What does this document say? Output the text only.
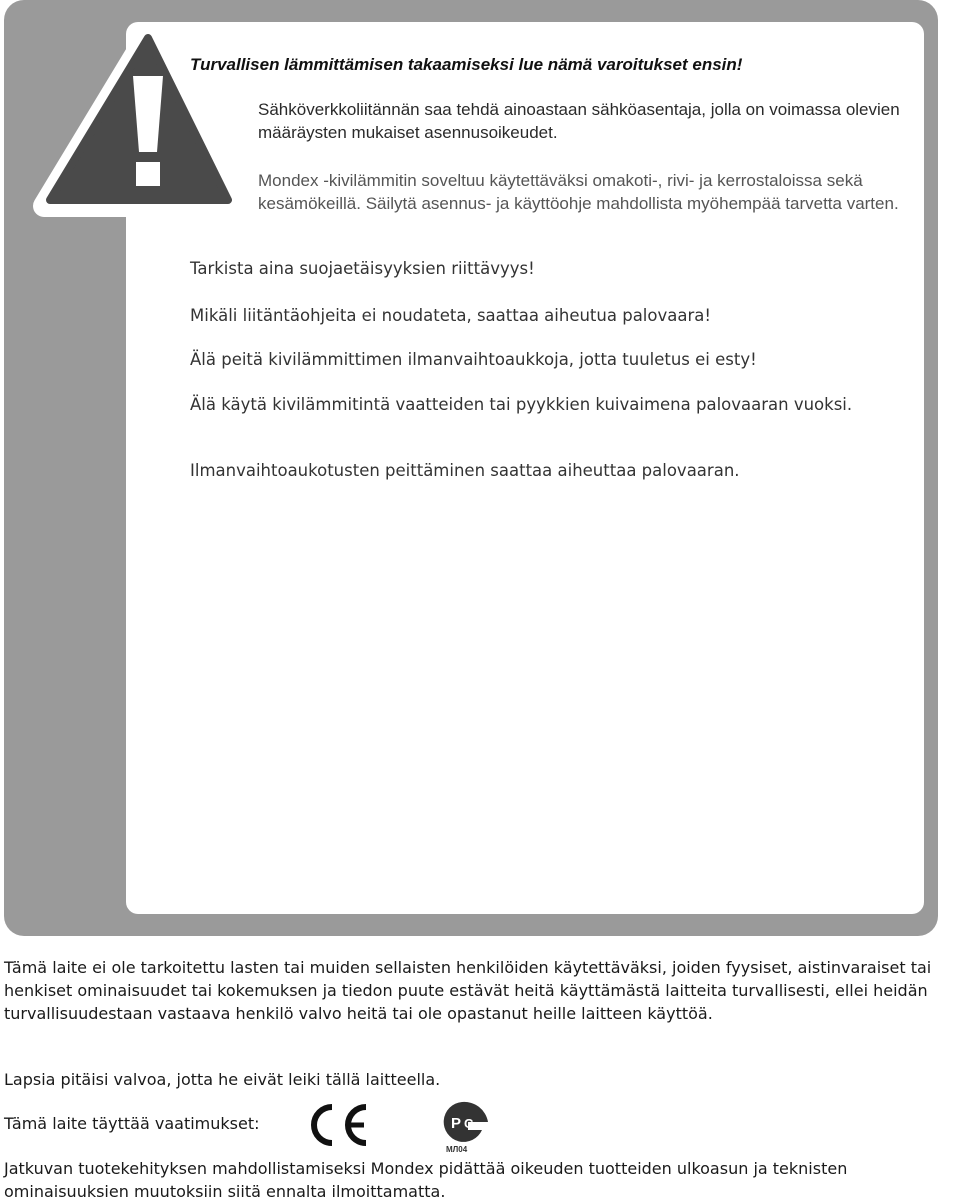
Turvallisen lämmittämisen takaamiseksi lue nämä varoitukset ensin!

Sähköverkkoliitännän saa tehdä ainoastaan sähköasentaja, jolla on voimassa olevien määräysten mukaiset asennusoikeudet.

Mondex -kivilämmitin soveltuu käytettäväksi omakoti-, rivi- ja kerrostaloissa sekä kesämökeillä. Säilytä asennus- ja käyttöohje mahdollista myöhempää tarvetta varten.

Tarkista aina suojaetäisyyksien riittävyys!

Mikäli liitäntäohjeita ei noudateta, saattaa aiheutua palovaara!

Älä peitä kivilämmittimen ilmanvaihtoaukkoja, jotta tuuletus ei esty!

Älä käytä kivilämmitintä vaatteiden tai pyykkien kuivaimena palovaaran vuoksi.

Ilmanvaihtoaukotusten peittäminen saattaa aiheuttaa palovaaran.

Tämä laite ei ole tarkoitettu lasten tai muiden sellaisten henkilöiden käytettäväksi, joiden fyysiset, aistinvaraiset tai henkiset ominaisuudet tai kokemuksen ja tiedon puute estävät heitä käyttämästä laitteita turvallisesti, ellei heidän turvallisuudestaan vastaava henkilö valvo heitä tai ole opastanut heille laitteen käyttöä.

Lapsia pitäisi valvoa, jotta he eivät leiki tällä laitteella.

Tämä laite täyttää vaatimukset:	P C
МЛ04

Jatkuvan tuotekehityksen mahdollistamiseksi Mondex pidättää oikeuden tuotteiden ulkoasun ja teknisten ominaisuuksien muutoksiin siitä ennalta ilmoittamatta.
